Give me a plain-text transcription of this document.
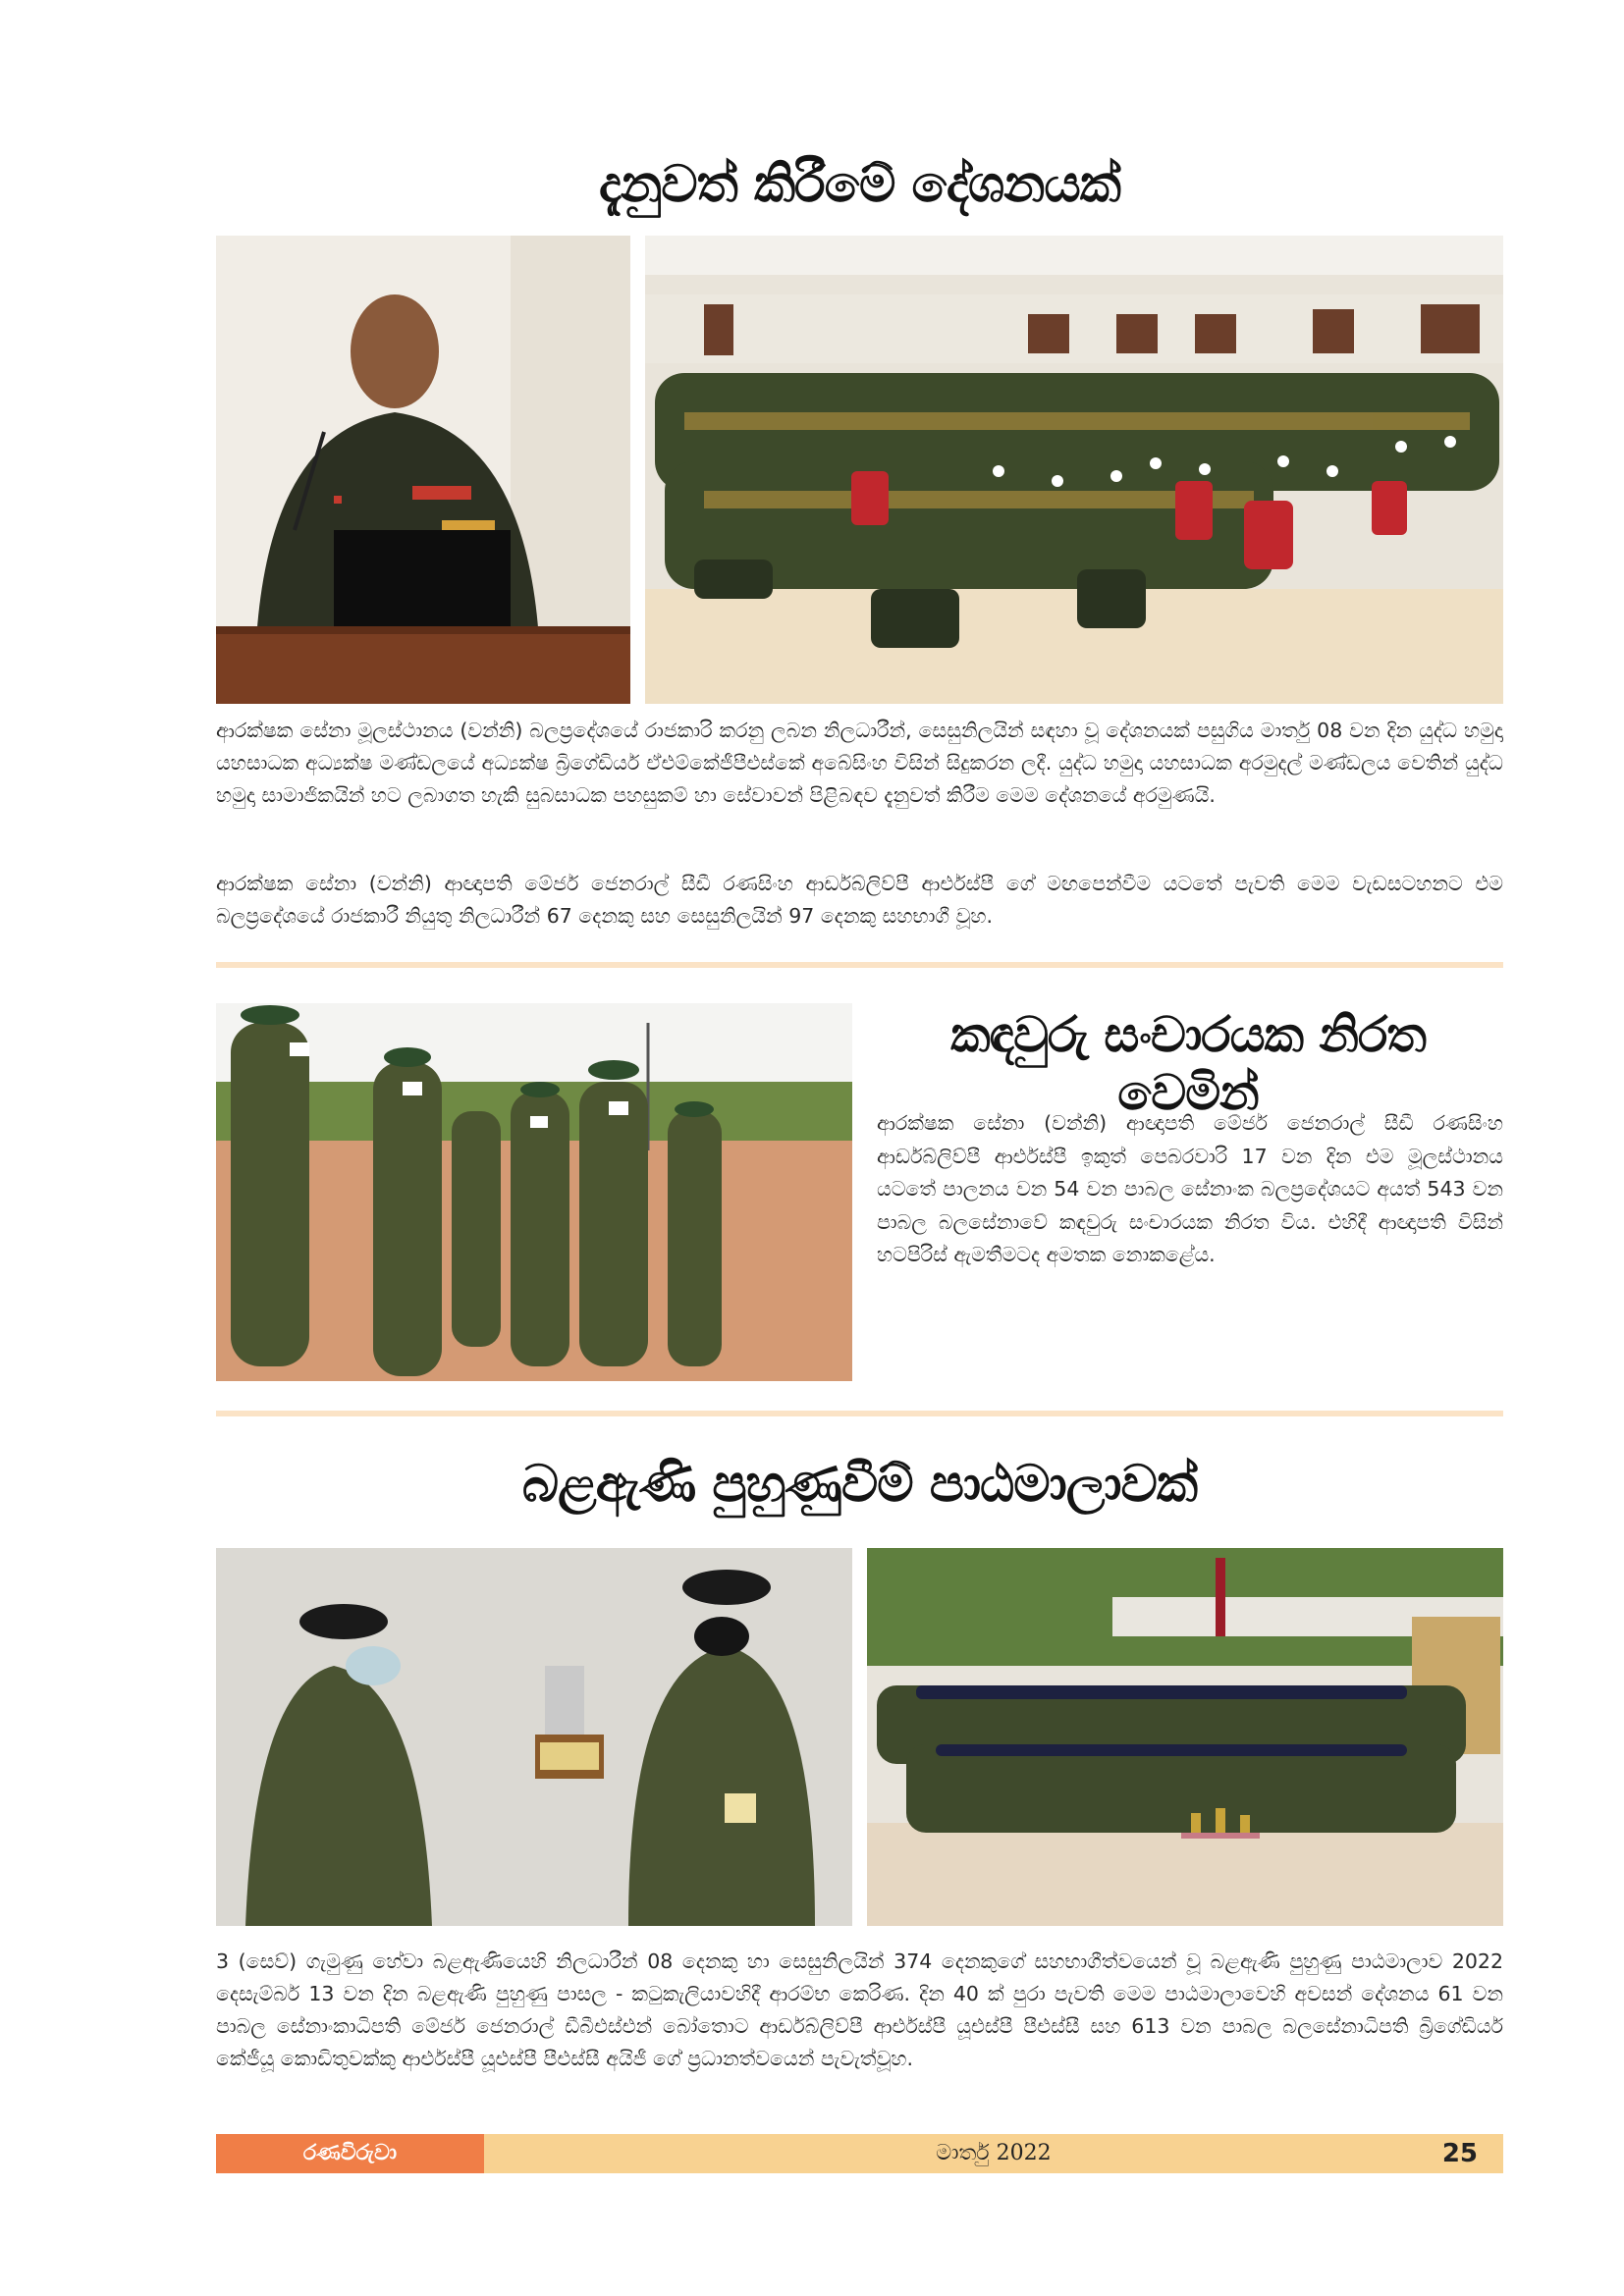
දැනුවත් කිරීමේ දේශනයක්

ආරක්ෂක සේනා මූලස්ථානය (වන්නි) බලප්‍රදේශයේ රාජකාරි කරනු ලබන නිලධාරීන්, සෙසුනිලයින් සඳහා වූ දේශනයක් පසුගිය මාර්තු 08 වන දින යුද්ධ හමුදා යහසාධක අධ්‍යක්ෂ මණ්ඩලයේ අධ්‍යක්ෂ බ්‍රිගේඩියර් ඒඑම්කේජීපීඑස්කේ අබේසිංහ විසින් සිදුකරන ලදී. යුද්ධ හමුදා යහසාධක අරමුදල් මණ්ඩලය වෙතින් යුද්ධ හමුදා සාමාජිකයින් හට ලබාගත හැකි සුබසාධක පහසුකම් හා සේවාවන් පිළිබඳව දැනුවත් කිරීම මෙම දේශනයේ අරමුණයි.

ආරක්ෂක සේනා (වන්නි) ආඥාපති මේජර් ජෙනරාල් සීඩී රණසිංහ ආර්ඩබ්ලිව්පී ආර්එස්පී ගේ මඟපෙන්වීම යටතේ පැවති මෙම වැඩසටහනට එම බලප්‍රදේශයේ රාජකාරී නියුතු නිලධාරීන් 67 දෙනකු සහ සෙසුනිලයින් 97 දෙනකු සහභාගී වූහ.

කඳවුරු සංචාරයක නිරත වෙමින්

ආරක්ෂක සේනා (වන්නි) ආඥාපති මේජර් ජෙනරාල් සීඩී රණසිංහ ආර්ඩබ්ලිව්පී ආර්එස්පී ඉකුත් පෙබරවාරි 17 වන දින එම මූලස්ථානය යටතේ පාලනය වන 54 වන පාබල සේනාංක බලප්‍රදේශයට අයත් 543 වන පාබල බලසේනාවේ කඳවුරු සංචාරයක නිරත විය. එහිදී ආඥාපති විසින් හටපිරිස් ඇමතීමටද අමතක නොකළේය.

බළඇණි පුහුණුවීම් පාඨමාලාවක්

3 (සෙව්) ගැමුණු හේවා බළඇණියෙහි නිලධාරීන් 08 දෙනකු හා සෙසුනිලයින් 374 දෙනකුගේ සහභාගීත්වයෙන් වූ බළඇණි පුහුණු පාඨමාලාව 2022 දෙසැම්බර් 13 වන දින බළඇණි පුහුණු පාසල - කටුකැලියාවහිදී ආරම්භ කෙරිණ. දින 40 ක් පුරා පැවති මෙම පාඨමාලාවෙහි අවසන් දේශනය 61 වන පාබල සේනාංකාධිපති මේජර් ජෙනරාල් ඩීබීඑස්එන් බෝතොට ආර්ඩබ්ලිව්පී ආර්එස්පී යූඑස්පී පීඑස්සී සහ 613 වන පාබල බලසේනාධිපති බ්‍රිගේඩියර් කේජීයූ කොඩිතුවක්කු ආර්එස්පී යූඑස්පී පීඑස්සී අයිජී ගේ ප්‍රධානත්වයෙන් පැවැත්වූහ.

රණවිරුවා	මාර්තු 2022	25
